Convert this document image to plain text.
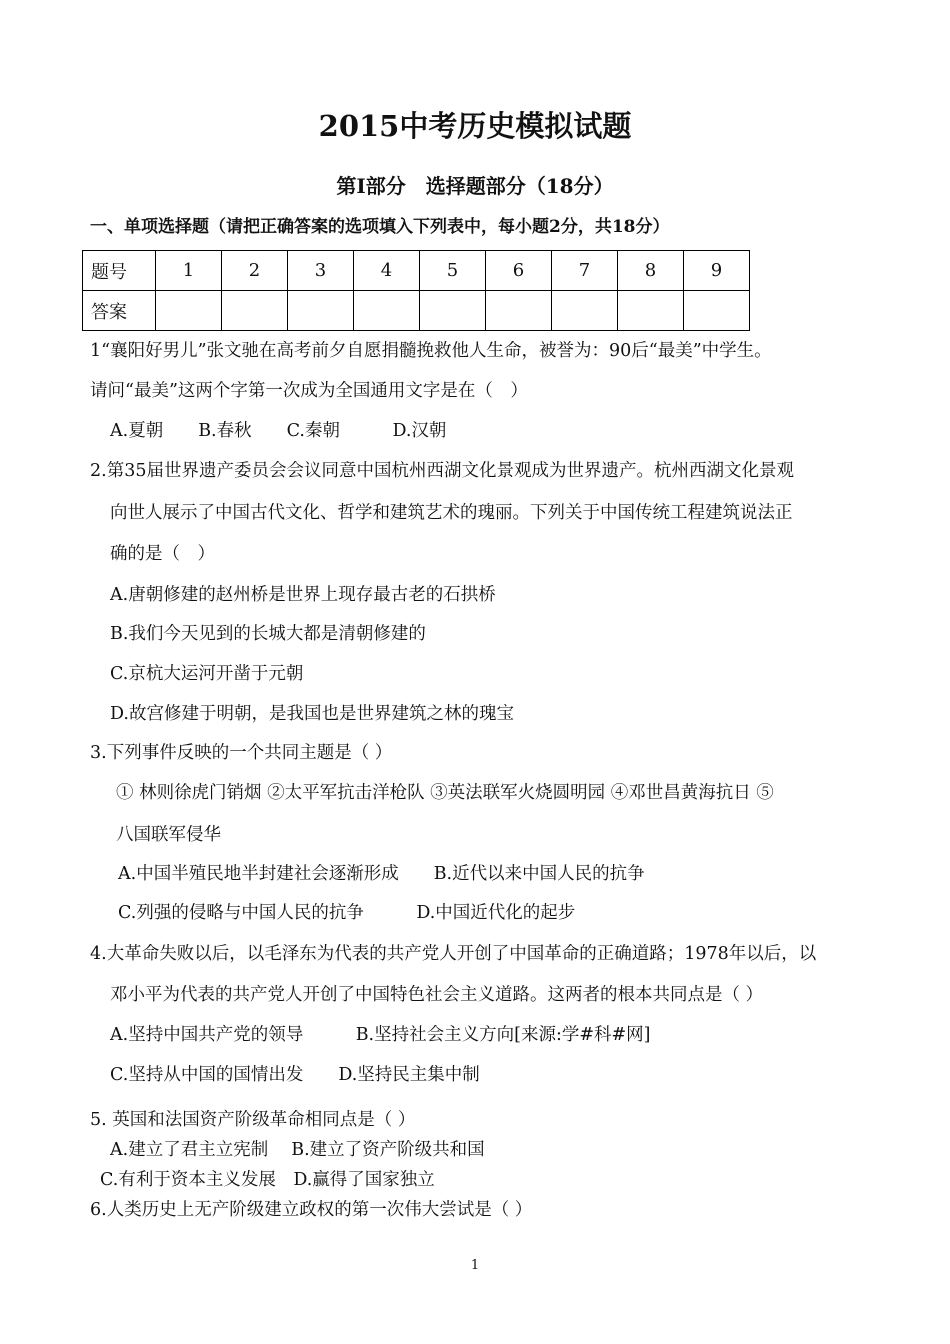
2015中考历史模拟试题
第Ⅰ部分　选择题部分（18分）
一、单项选择题（请把正确答案的选项填入下列表中，每小题2分，共18分）
题号	1	2	3	4	5	6	7	8	9
答案									
1“襄阳好男儿”张文驰在高考前夕自愿捐髓挽救他人生命，被誉为：90后“最美”中学生。
请问“最美”这两个字第一次成为全国通用文字是在（　）
A.夏朝　　B.春秋　　C.秦朝　　　D.汉朝
2.第35届世界遗产委员会会议同意中国杭州西湖文化景观成为世界遗产。杭州西湖文化景观
向世人展示了中国古代文化、哲学和建筑艺术的瑰丽。下列关于中国传统工程建筑说法正
确的是（　）
A.唐朝修建的赵州桥是世界上现存最古老的石拱桥
B.我们今天见到的长城大都是清朝修建的
C.京杭大运河开凿于元朝
D.故宫修建于明朝，是我国也是世界建筑之林的瑰宝
3.下列事件反映的一个共同主题是（ ）
① 林则徐虎门销烟 ②太平军抗击洋枪队 ③英法联军火烧圆明园 ④邓世昌黄海抗日 ⑤
八国联军侵华
A.中国半殖民地半封建社会逐渐形成　　B.近代以来中国人民的抗争
C.列强的侵略与中国人民的抗争　　　D.中国近代化的起步
4.大革命失败以后，以毛泽东为代表的共产党人开创了中国革命的正确道路；1978年以后，以
邓小平为代表的共产党人开创了中国特色社会主义道路。这两者的根本共同点是（ ）
A.坚持中国共产党的领导　　　B.坚持社会主义方向[来源:学#科#网]
C.坚持从中国的国情出发　　D.坚持民主集中制
5. 英国和法国资产阶级革命相同点是（ ）
A.建立了君主立宪制　 B.建立了资产阶级共和国
C.有利于资本主义发展　D.赢得了国家独立
6.人类历史上无产阶级建立政权的第一次伟大尝试是（ ）
1
